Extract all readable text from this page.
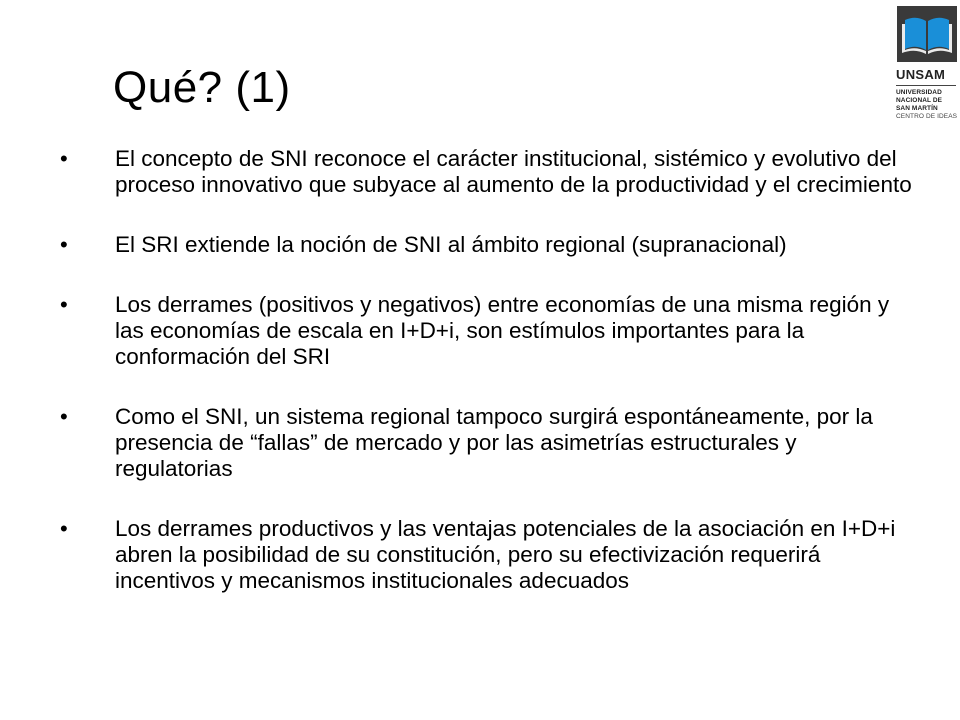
Qué? (1)	UNSAM
UNIVERSIDAD
NACIONAL DE
SAN MARTÍN
CENTRO DE IDEAS
• El concepto de SNI reconoce el carácter institucional, sistémico y evolutivo del proceso innovativo que subyace al aumento de la productividad y el crecimiento
• El SRI extiende la noción de SNI al ámbito regional (supranacional)
• Los derrames (positivos y negativos) entre economías de una misma región y las economías de escala en I+D+i, son estímulos importantes para la conformación del SRI
• Como el SNI, un sistema regional tampoco surgirá espontáneamente, por la presencia de “fallas” de mercado y por las asimetrías estructurales y regulatorias
• Los derrames productivos y las ventajas potenciales de la asociación en I+D+i abren la posibilidad de su constitución, pero su efectivización requerirá incentivos y mecanismos institucionales adecuados
